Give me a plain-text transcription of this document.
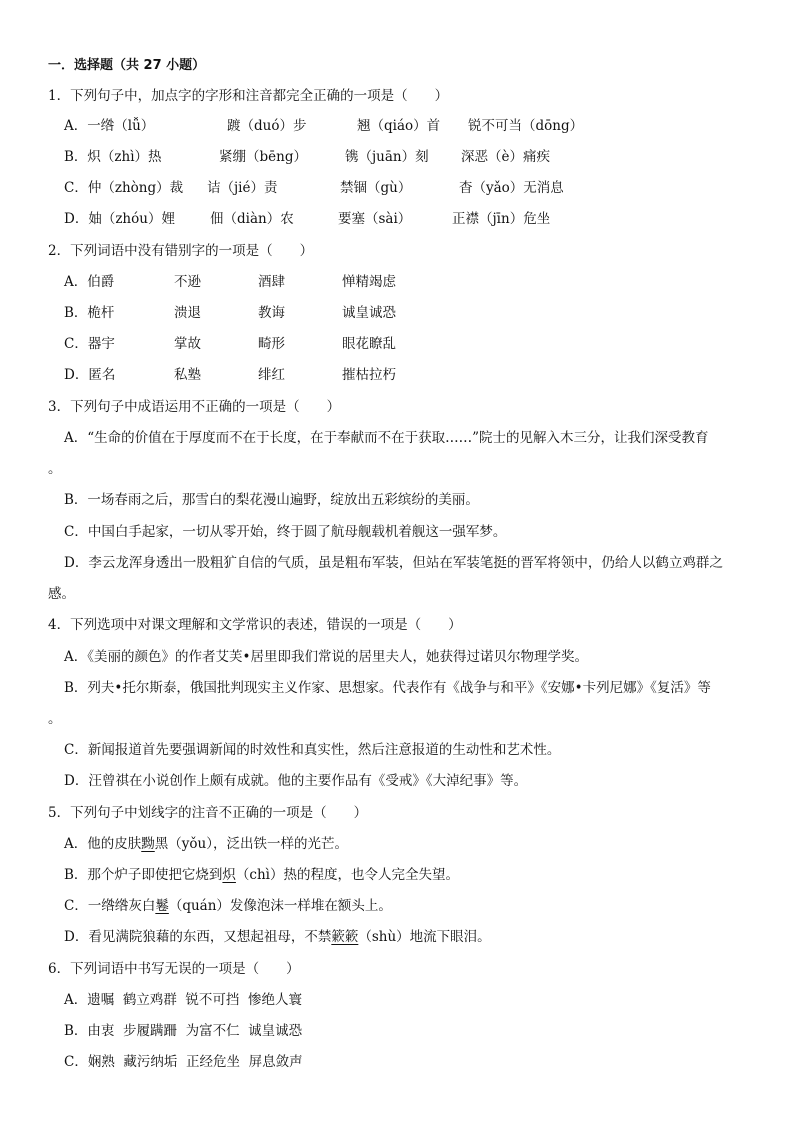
一．选择题（共 27 小题）
1．下列句子中，加点字的字形和注音都完全正确的一项是（　　）
A．一绺（lǚ）	踱（duó）步	翘（qiáo）首 锐不可当（dōng）
B．炽（zhì）热	紧绷（bēng）	镌（juān）刻 深恶（è）痛疾
C．仲（zhòng）裁 诘（jié）责	禁锢（gù）	杳（yǎo）无消息
D．妯（zhóu）娌	佃（diàn）农	要塞（sài）	正襟（jīn）危坐
2．下列词语中没有错别字的一项是（　　）
A．伯爵	不逊	酒肆	惮精竭虑
B．桅杆	溃退	教诲	诚皇诚恐
C．器宇	掌故	畸形	眼花瞭乱
D．匿名	私塾	绯红	摧枯拉朽
3．下列句子中成语运用不正确的一项是（　　）
A．“生命的价值在于厚度而不在于长度，在于奉献而不在于获取……”院士的见解入木三分，让我们深受教育
。
B．一场春雨之后，那雪白的梨花漫山遍野，绽放出五彩缤纷的美丽。
C．中国白手起家，一切从零开始，终于圆了航母舰载机着舰这一强军梦。
D．李云龙浑身透出一股粗犷自信的气质，虽是粗布军装，但站在军装笔挺的晋军将领中，仍给人以鹤立鸡群之
感。
4．下列选项中对课文理解和文学常识的表述，错误的一项是（　　）
A．《美丽的颜色》的作者艾芙•居里即我们常说的居里夫人，她获得过诺贝尔物理学奖。
B．列夫•托尔斯泰，俄国批判现实主义作家、思想家。代表作有《战争与和平》《安娜•卡列尼娜》《复活》等
。
C．新闻报道首先要强调新闻的时效性和真实性，然后注意报道的生动性和艺术性。
D．汪曾祺在小说创作上颇有成就。他的主要作品有《受戒》《大淖纪事》等。
5．下列句子中划线字的注音不正确的一项是（　　）
A．他的皮肤黝黑（yǒu），泛出铁一样的光芒。
B．那个炉子即使把它烧到炽（chì）热的程度，也令人完全失望。
C．一绺绺灰白鬈（quán）发像泡沫一样堆在额头上。
D．看见满院狼藉的东西，又想起祖母，不禁簌簌（shù）地流下眼泪。
6．下列词语中书写无误的一项是（　　）
A．遗嘱  鹤立鸡群  锐不可挡  惨绝人寰
B．由衷  步履蹒跚  为富不仁  诚皇诚恐
C．娴熟  藏污纳垢  正经危坐  屏息敛声
